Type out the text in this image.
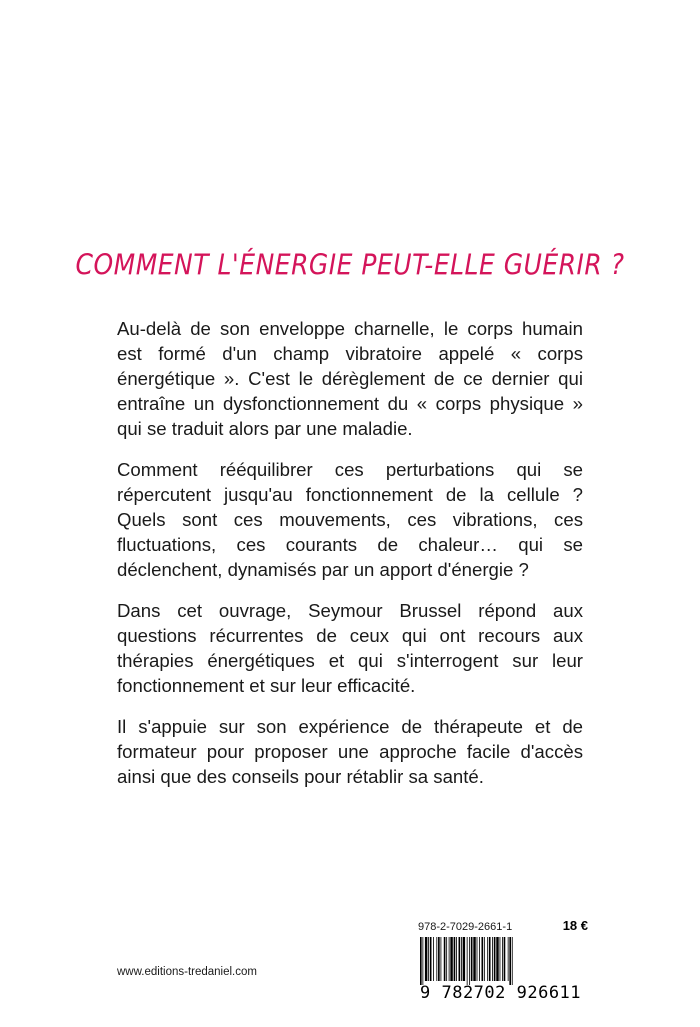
COMMENT L'ÉNERGIE PEUT-ELLE GUÉRIR ?

Au-delà de son enveloppe charnelle, le corps humain est formé d'un champ vibratoire appelé « corps énergétique ». C'est le dérèglement de ce dernier qui entraîne un dysfonctionnement du « corps physique » qui se traduit alors par une maladie.

Comment rééquilibrer ces perturbations qui se répercutent jusqu'au fonctionnement de la cellule ? Quels sont ces mouvements, ces vibrations, ces fluctuations, ces courants de chaleur… qui se déclenchent, dynamisés par un apport d'énergie ?

Dans cet ouvrage, Seymour Brussel répond aux questions récurrentes de ceux qui ont recours aux thérapies énergétiques et qui s'interrogent sur leur fonctionnement et sur leur efficacité.

Il s'appuie sur son expérience de thérapeute et de formateur pour proposer une approche facile d'accès ainsi que des conseils pour rétablir sa santé.

www.editions-tredaniel.com
978-2-7029-2661-1	18 €
9 782702 926611
